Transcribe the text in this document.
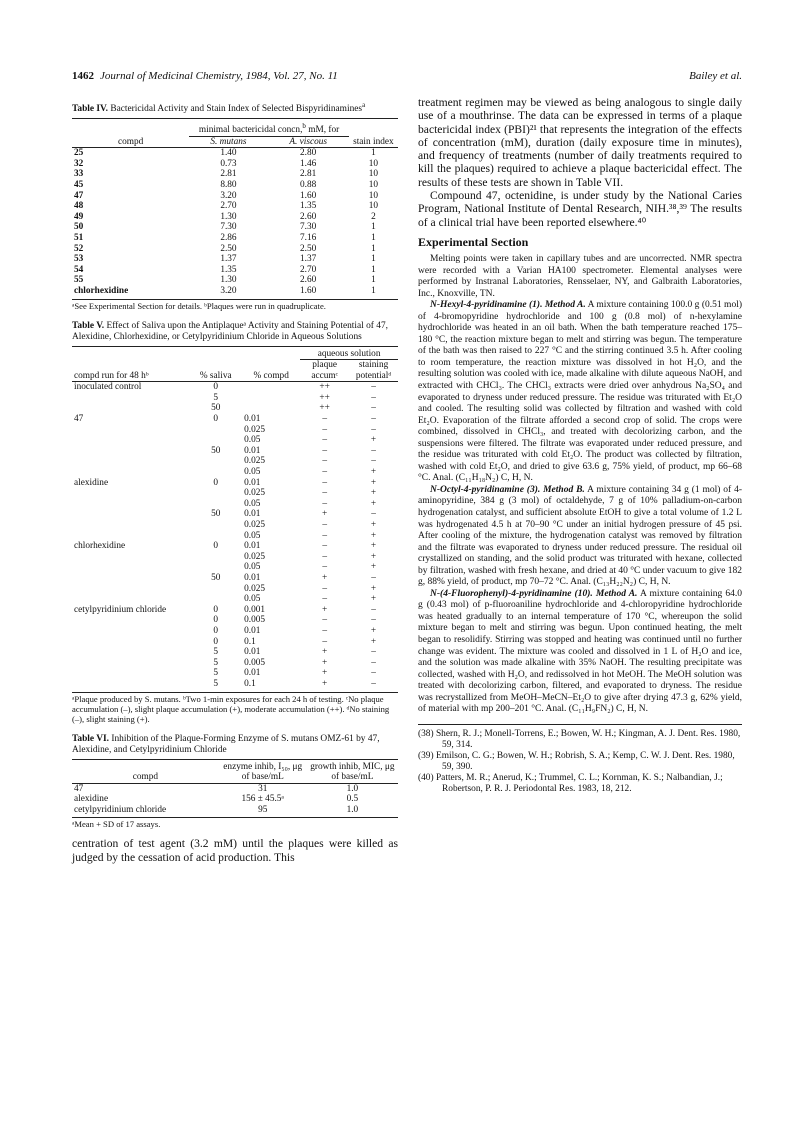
1462 Journal of Medicinal Chemistry, 1984, Vol. 27, No. 11	Bailey et al.
Table IV. Bactericidal Activity and Stain Index of Selected Bispyridinamines$^a$
	minimal bactericidal concn,$^b$ mM, for		
compd	S. mutans	A. viscous	stain index
25	1.40	2.80	1
32	0.73	1.46	10
33	2.81	2.81	10
45	8.80	0.88	10
47	3.20	1.60	10
48	2.70	1.35	10
49	1.30	2.60	2
50	7.30	7.30	1
51	2.86	7.16	1
52	2.50	2.50	1
53	1.37	1.37	1
54	1.35	2.70	1
55	1.30	2.60	1
chlorhexidine	3.20	1.60	1
ᵃSee Experimental Section for details. ᵇPlaques were run in quadruplicate.
Table V. Effect of Saliva upon the Antiplaqueᵃ Activity and Staining Potential of 47, Alexidine, Chlorhexidine, or Cetylpyridinium Chloride in Aqueous Solutions
			aqueous solution	
compd run for 48 hᵇ	% saliva	% compd	plaque accumᶜ	staining potentialᵈ
inoculated control	0		++	–
	5		++	–
	50		++	–
47	0	0.01	–	–
		0.025	–	–
		0.05	–	+
	50	0.01	–	–
		0.025	–	–
		0.05	–	+
alexidine	0	0.01	–	+
		0.025	–	+
		0.05	–	+
	50	0.01	+	–
		0.025	–	+
		0.05	–	+
chlorhexidine	0	0.01	–	+
		0.025	–	+
		0.05	–	+
	50	0.01	+	–
		0.025	–	+
		0.05	–	+
cetylpyridinium chloride	0	0.001	+	–
	0	0.005	–	–
	0	0.01	–	+
	0	0.1	–	+
	5	0.01	+	–
	5	0.005	+	–
	5	0.01	+	–
	5	0.1	+	–
ᵃPlaque produced by S. mutans. ᵇTwo 1-min exposures for each 24 h of testing. ᶜNo plaque accumulation (–), slight plaque accumulation (+), moderate accumulation (++). ᵈNo staining (–), slight staining (+).
Table VI. Inhibition of the Plaque-Forming Enzyme of S. mutans OMZ-61 by 47, Alexidine, and Cetylpyridinium Chloride
compd	enzyme inhib, I₅₀, μg of base/mL	growth inhib, MIC, μg of base/mL
47	31	1.0
alexidine	156 ± 45.5ᵃ	0.5
cetylpyridinium chloride	95	1.0
ᵃMean + SD of 17 assays.

centration of test agent (3.2 mM) until the plaques were killed as judged by the cessation of acid production. This

treatment regimen may be viewed as being analogous to single daily use of a mouthrinse. The data can be expressed in terms of a plaque bactericidal index (PBI)²¹ that represents the integration of the effects of concentration (mM), duration (daily exposure time in minutes), and frequency of treatments (number of daily treatments required to kill the plaques) required to achieve a plaque bactericidal effect. The results of these tests are shown in Table VII.

Compound 47, octenidine, is under study by the National Caries Program, National Institute of Dental Research, NIH.³⁸,³⁹ The results of a clinical trial have been reported elsewhere.⁴⁰

Experimental Section

Melting points were taken in capillary tubes and are uncorrected. NMR spectra were recorded with a Varian HA100 spectrometer. Elemental analyses were performed by Instranal Laboratories, Rensselaer, NY, and Galbraith Laboratories, Inc., Knoxville, TN.

N-Hexyl-4-pyridinamine (1). Method A. A mixture containing 100.0 g (0.51 mol) of 4-bromopyridine hydrochloride and 100 g (0.8 mol) of n-hexylamine hydrochloride was heated in an oil bath. When the bath temperature reached 175–180 °C, the reaction mixture began to melt and stirring was begun. The temperature of the bath was then raised to 227 °C and the stirring continued 3.5 h. After cooling to room temperature, the reaction mixture was dissolved in hot H₂O, and the resulting solution was cooled with ice, made alkaline with dilute aqueous NaOH, and extracted with CHCl₃. The CHCl₃ extracts were dried over anhydrous Na₂SO₄ and evaporated to dryness under reduced pressure. The residue was triturated with Et₂O and cooled. The resulting solid was collected by filtration and washed with cold Et₂O. Evaporation of the filtrate afforded a second crop of solid. The crops were combined, dissolved in CHCl₃, and treated with decolorizing carbon, and the suspensions were filtered. The filtrate was evaporated under reduced pressure, and the residue was triturated with cold Et₂O. The product was collected by filtration, washed with cold Et₂O, and dried to give 63.6 g, 75% yield, of product, mp 66–68 °C. Anal. (C₁₁H₁₈N₂) C, H, N.

N-Octyl-4-pyridinamine (3). Method B. A mixture containing 34 g (1 mol) of 4-aminopyridine, 384 g (3 mol) of octaldehyde, 7 g of 10% palladium-on-carbon hydrogenation catalyst, and sufficient absolute EtOH to give a total volume of 1.2 L was hydrogenated 4.5 h at 70–90 °C under an initial hydrogen pressure of 45 psi. After cooling of the mixture, the hydrogenation catalyst was removed by filtration and the filtrate was evaporated to dryness under reduced pressure. The residual oil crystallized on standing, and the solid product was triturated with hexane, collected by filtration, washed with fresh hexane, and dried at 40 °C under vacuum to give 182 g, 88% yield, of product, mp 70–72 °C. Anal. (C₁₃H₂₂N₂) C, H, N.

N-(4-Fluorophenyl)-4-pyridinamine (10). Method A. A mixture containing 64.0 g (0.43 mol) of p-fluoroaniline hydrochloride and 4-chloropyridine hydrochloride was heated gradually to an internal temperature of 170 °C, whereupon the solid mixture began to melt and stirring was begun. Upon continued heating, the melt began to resolidify. Stirring was stopped and heating was continued until no further change was evident. The mixture was cooled and dissolved in 1 L of H₂O and ice, and the solution was made alkaline with 35% NaOH. The resulting precipitate was collected, washed with H₂O, and redissolved in hot MeOH. The MeOH solution was treated with decolorizing carbon, filtered, and evaporated to dryness. The residue was recrystallized from MeOH–MeCN–Et₂O to give after drying 47.3 g, 62% yield, of material with mp 200–201 °C. Anal. (C₁₁H₉FN₂) C, H, N.

(38) Shern, R. J.; Monell-Torrens, E.; Bowen, W. H.; Kingman, A. J. Dent. Res. 1980, 59, 314.
(39) Emilson, C. G.; Bowen, W. H.; Robrish, S. A.; Kemp, C. W. J. Dent. Res. 1980, 59, 390.
(40) Patters, M. R.; Anerud, K.; Trummel, C. L.; Kornman, K. S.; Nalbandian, J.; Robertson, P. R. J. Periodontal Res. 1983, 18, 212.
